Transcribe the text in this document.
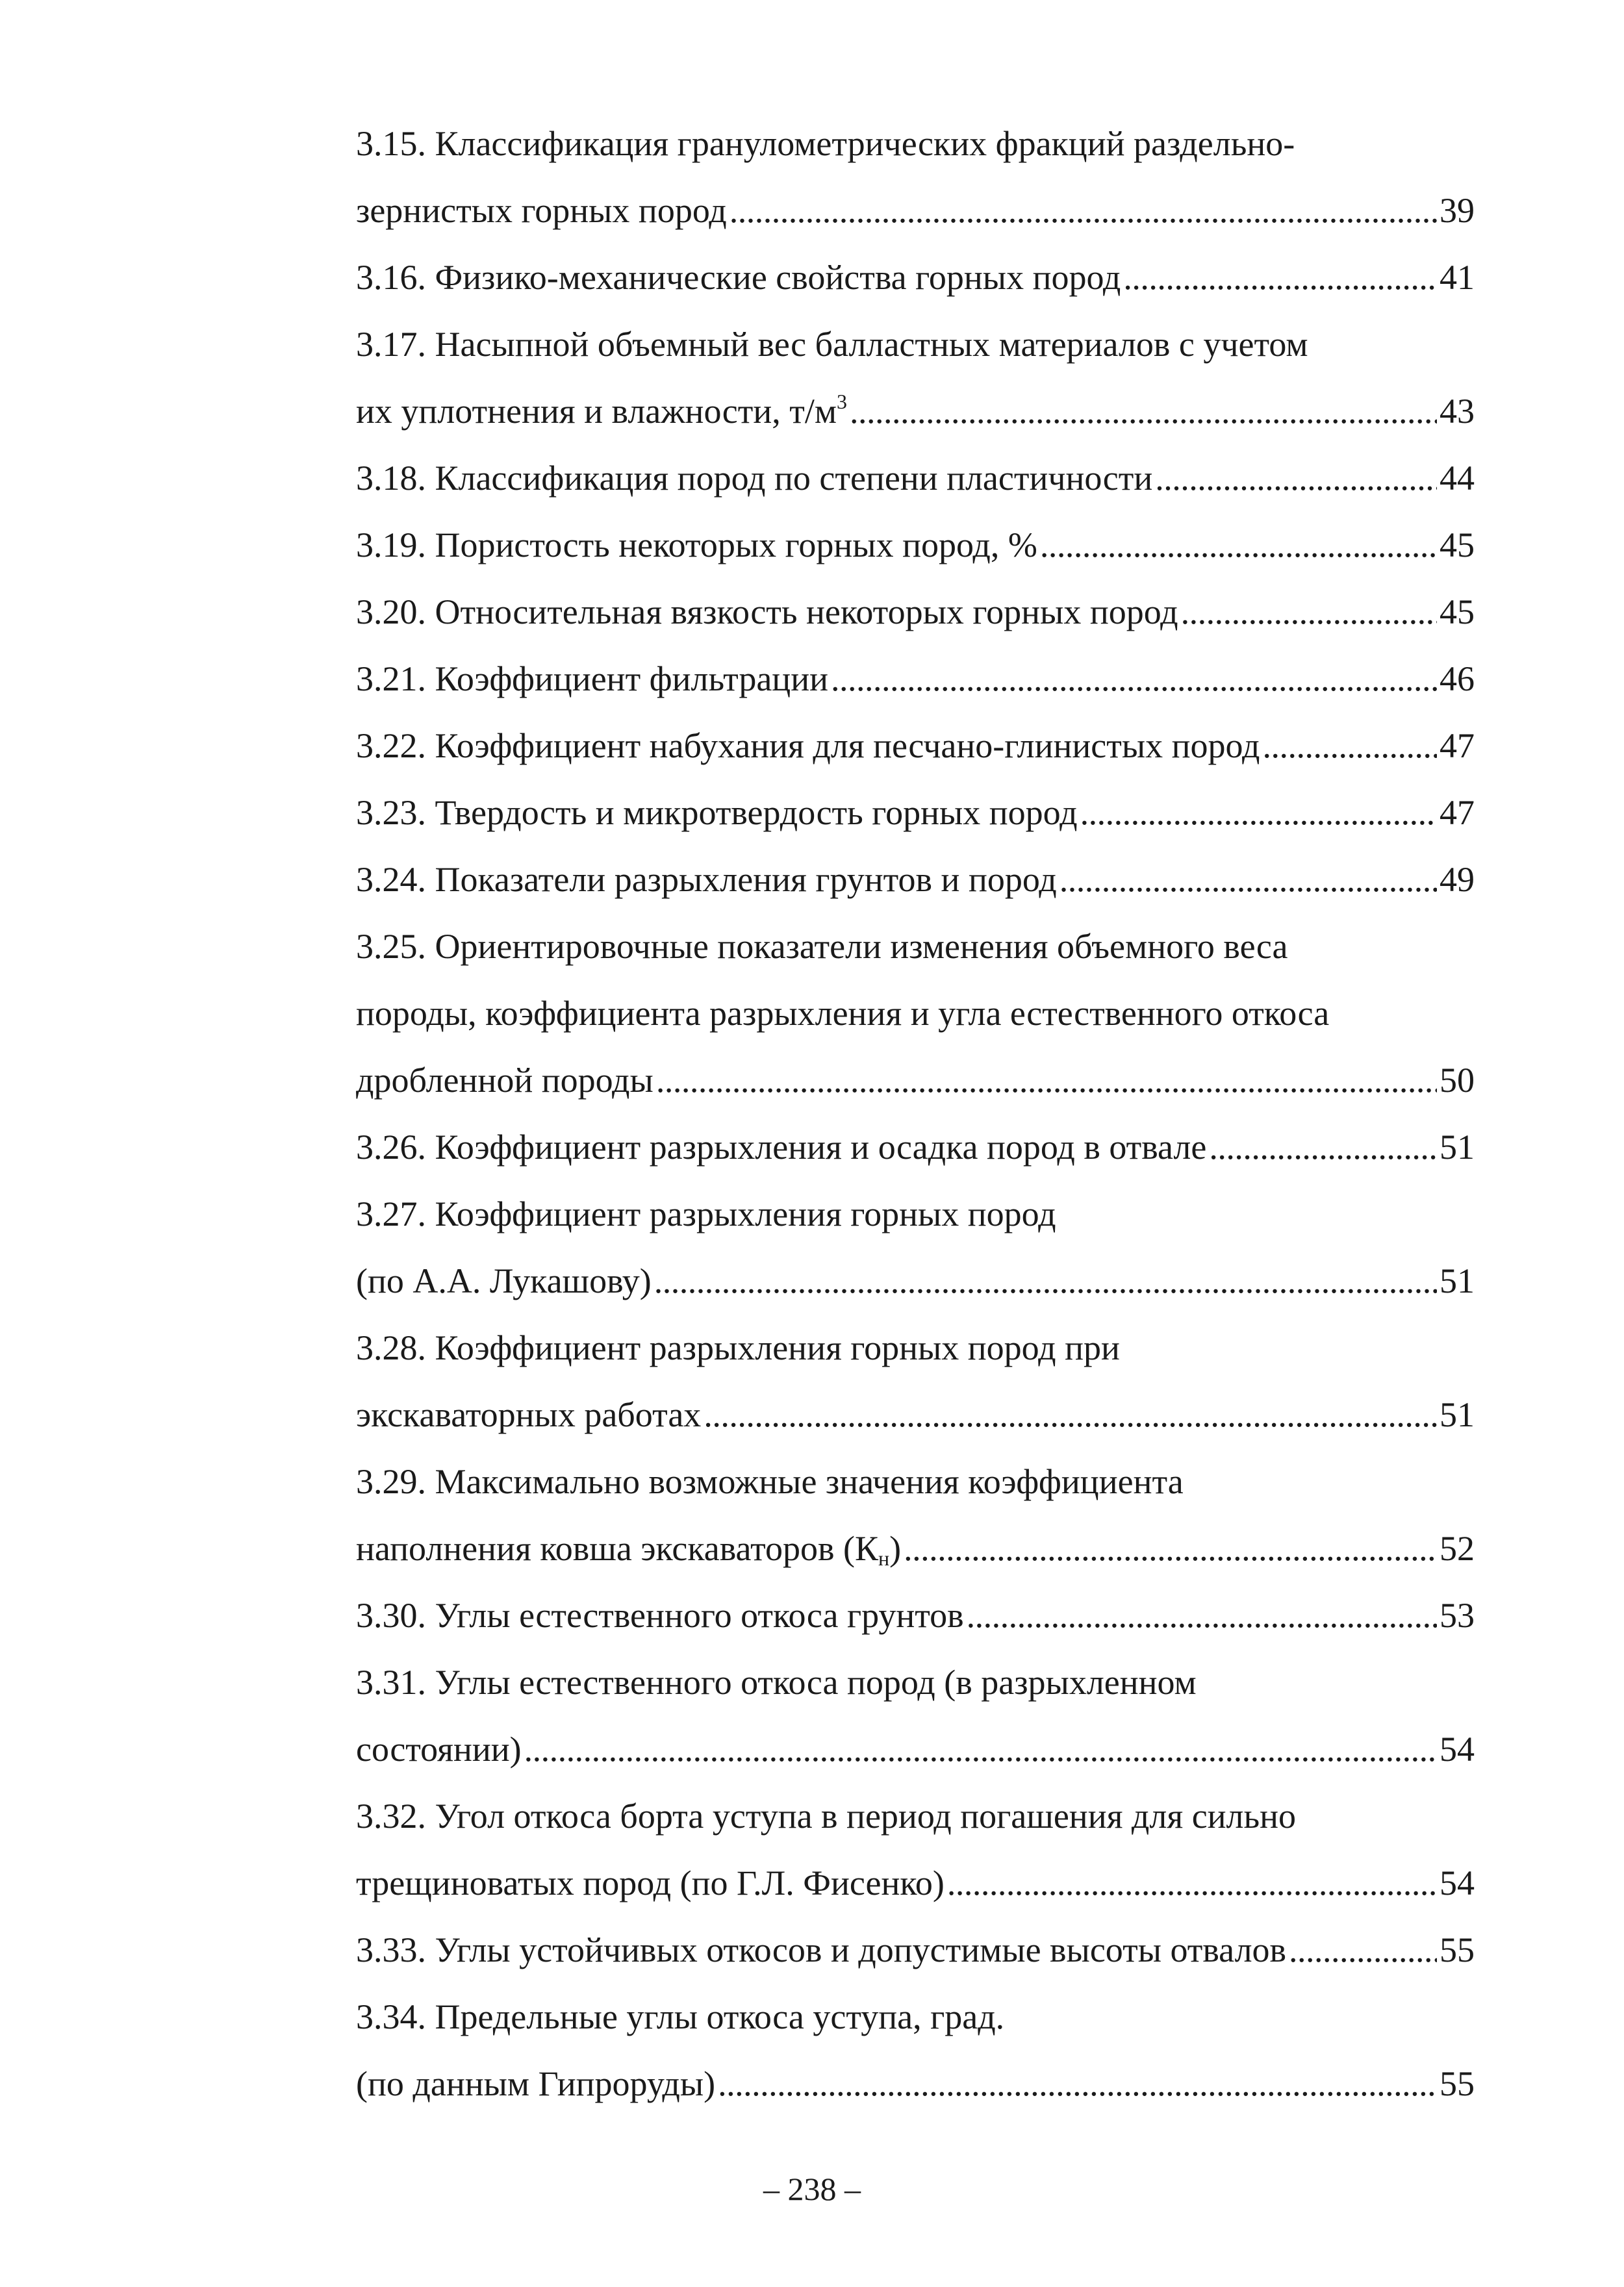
3.15. Классификация гранулометрических фракций раздельно-
зернистых горных пород . . .	39
3.16. Физико-механические свойства горных пород . . .	41
3.17. Насыпной объемный вес балластных материалов с учетом
их уплотнения и влажности, $т/м^3$ . . .	43
3.18. Классификация пород по степени пластичности . . .	44
3.19. Пористость некоторых горных пород, % . . .	45
3.20. Относительная вязкость некоторых горных пород . . .	45
3.21. Коэффициент фильтрации . . .	46
3.22. Коэффициент набухания для песчано-глинистых пород . . .	47
3.23. Твердость и микротвердость горных пород . . .	47
3.24. Показатели разрыхления грунтов и пород . . .	49
3.25. Ориентировочные показатели изменения объемного веса
породы, коэффициента разрыхления и угла естественного откоса
дробленной породы . . .	50
3.26. Коэффициент разрыхления и осадка пород в отвале . . .	51
3.27. Коэффициент разрыхления горных пород
(по А.А. Лукашову) . . .	51
3.28. Коэффициент разрыхления горных пород при
экскаваторных работах . . .	51
3.29. Максимально возможные значения коэффициента
наполнения ковша экскаваторов $(К_н)$ . . .	52
3.30. Углы естественного откоса грунтов . . .	53
3.31. Углы естественного откоса пород (в разрыхленном
состоянии) . . .	54
3.32. Угол откоса борта уступа в период погашения для сильно
трещиноватых пород (по Г.Л. Фисенко) . . .	54
3.33. Углы устойчивых откосов и допустимые высоты отвалов . . .	55
3.34. Предельные углы откоса уступа, град.
(по данным Гипроруды) . . .	55
– 238 –
